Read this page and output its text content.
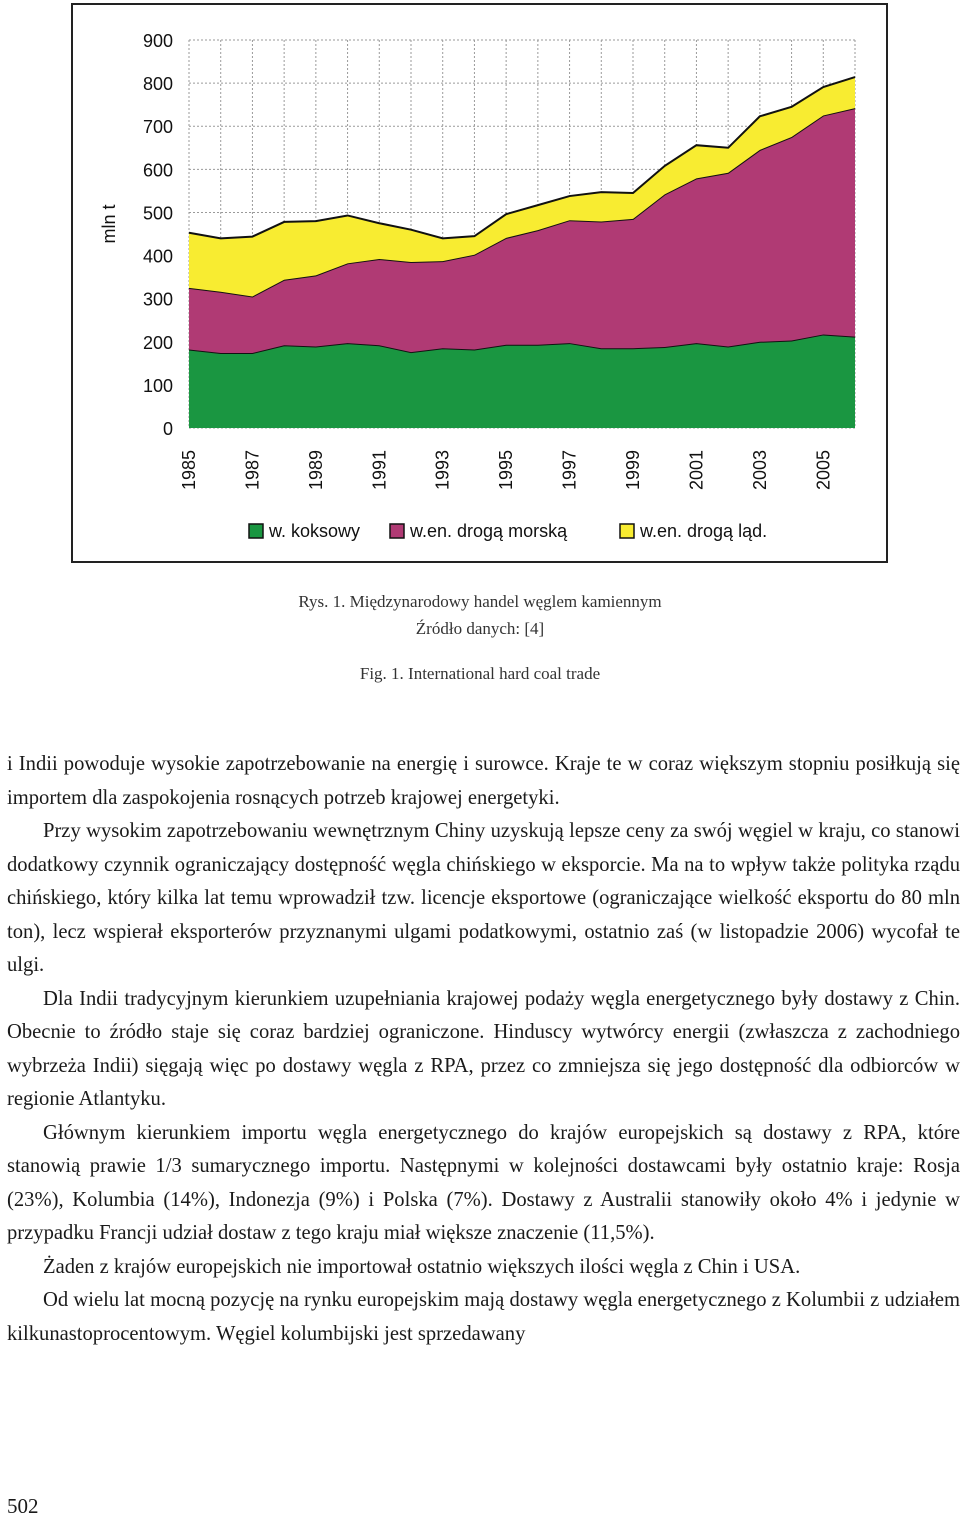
0
100
200
300
400
500
600
700
800
900
mln t
1985 1987 1989 1991 1993 1995 1997 1999 2001 2003 2005
w. koksowy	w.en. drogą morską	w.en. drogą ląd.
Rys. 1. Międzynarodowy handel węglem kamiennym
Źródło danych: [4]
Fig. 1. International hard coal trade

i Indii powoduje wysokie zapotrzebowanie na energię i surowce. Kraje te w coraz większym stopniu posiłkują się importem dla zaspokojenia rosnących potrzeb krajowej energetyki.

Przy wysokim zapotrzebowaniu wewnętrznym Chiny uzyskują lepsze ceny za swój węgiel w kraju, co stanowi dodatkowy czynnik ograniczający dostępność węgla chińskiego w eksporcie. Ma na to wpływ także polityka rządu chińskiego, który kilka lat temu wprowadził tzw. licencje eksportowe (ograniczające wielkość eksportu do 80 mln ton), lecz wspierał eksporterów przyznanymi ulgami podatkowymi, ostatnio zaś (w listopadzie 2006) wycofał te ulgi.

Dla Indii tradycyjnym kierunkiem uzupełniania krajowej podaży węgla energetycznego były dostawy z Chin. Obecnie to źródło staje się coraz bardziej ograniczone. Hinduscy wytwórcy energii (zwłaszcza z zachodniego wybrzeża Indii) sięgają więc po dostawy węgla z RPA, przez co zmniejsza się jego dostępność dla odbiorców w regionie Atlantyku.

Głównym kierunkiem importu węgla energetycznego do krajów europejskich są dostawy z RPA, które stanowią prawie 1/3 sumarycznego importu. Następnymi w kolejności dostawcami były ostatnio kraje: Rosja (23%), Kolumbia (14%), Indonezja (9%) i Polska (7%). Dostawy z Australii stanowiły około 4% i jedynie w przypadku Francji udział dostaw z tego kraju miał większe znaczenie (11,5%).

Żaden z krajów europejskich nie importował ostatnio większych ilości węgla z Chin i USA.

Od wielu lat mocną pozycję na rynku europejskim mają dostawy węgla energetycznego z Kolumbii z udziałem kilkunastoprocentowym. Węgiel kolumbijski jest sprzedawany

502
